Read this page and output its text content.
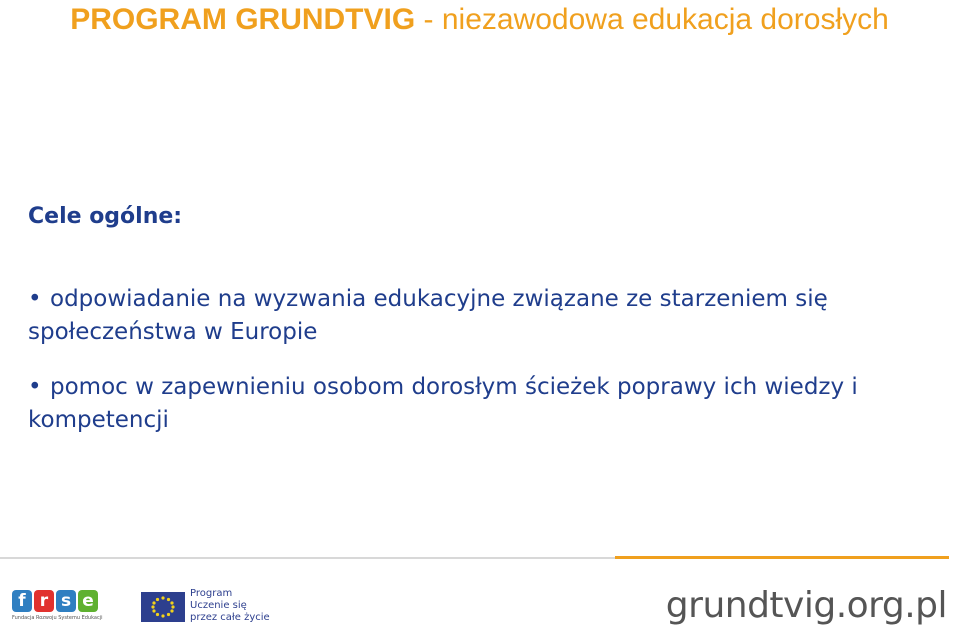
PROGRAM GRUNDTVIG - niezawodowa edukacja dorosłych
Cele ogólne:
• odpowiadanie na wyzwania edukacyjne związane ze starzeniem się społeczeństwa w Europie
• pomoc w zapewnieniu osobom dorosłym ścieżek poprawy ich wiedzy i kompetencji
f r s e
Fundacja Rozwoju Systemu Edukacji
Program
Uczenie się
przez całe życie	grundtvig.org.pl
